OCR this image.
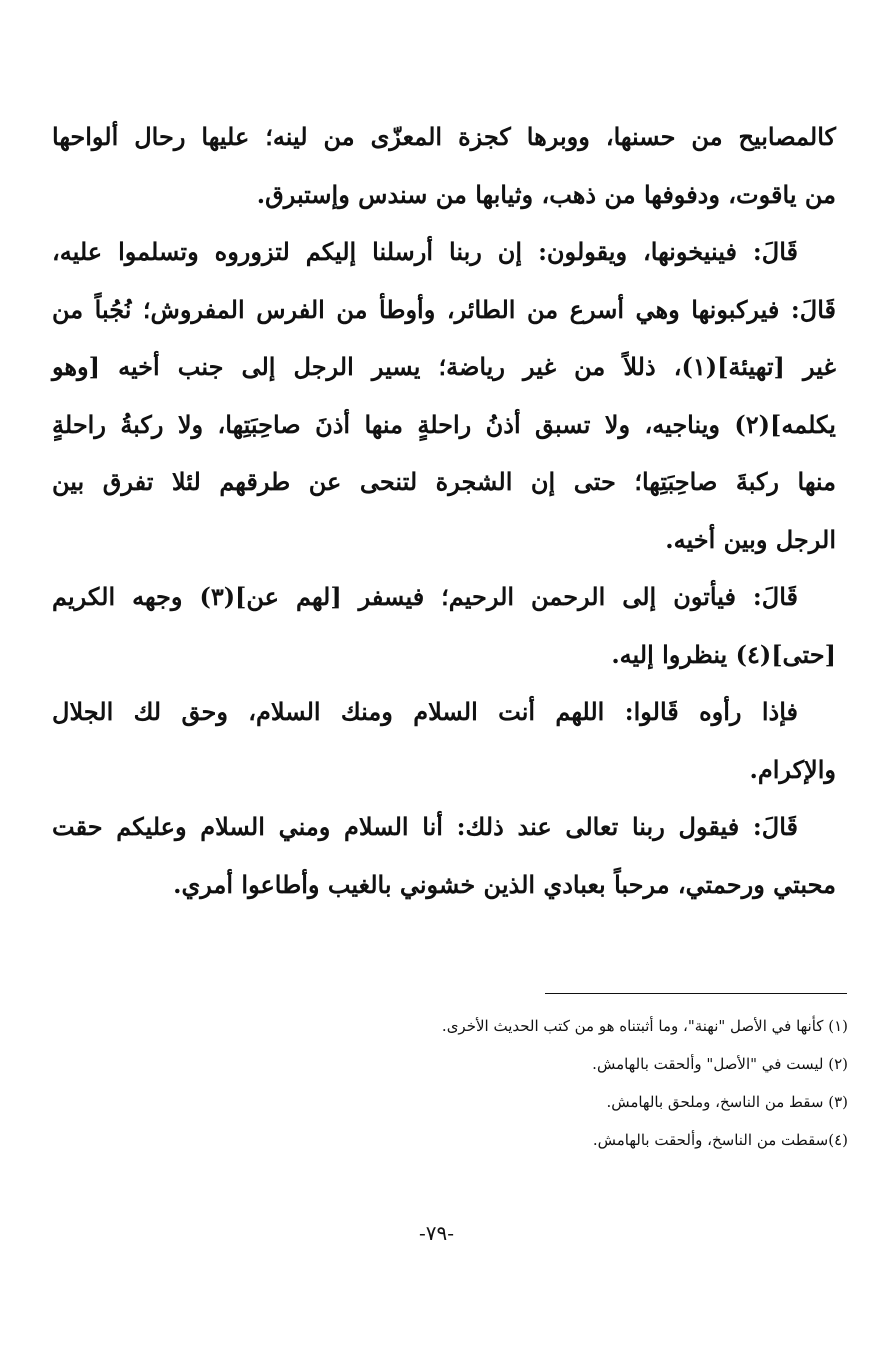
كالمصابيح من حسنها، ووبرها كجزة المعزّى من لينه؛ عليها رحال ألواحها
من ياقوت، ودفوفها من ذهب، وثيابها من سندس وإستبرق.
قَالَ: فينيخونها، ويقولون: إن ربنا أرسلنا إليكم لتزوروه وتسلموا عليه،
قَالَ: فيركبونها وهي أسرع من الطائر، وأوطأ من الفرس المفروش؛ نُجُباً من
غير [تهيئة](١)، ذللاً من غير رياضة؛ يسير الرجل إلى جنب أخيه [وهو
يكلمه](٢) ويناجيه، ولا تسبق أذنُ راحلةٍ منها أذنَ صاحِبَتِها، ولا ركبةُ راحلةٍ
منها ركبةَ صاحِبَتِها؛ حتى إن الشجرة لتنحى عن طرقهم لئلا تفرق بين
الرجل وبين أخيه.
قَالَ: فيأتون إلى الرحمن الرحيم؛ فيسفر [لهم عن](٣) وجهه الكريم
[حتى](٤) ينظروا إليه.
فإذا رأوه قَالوا: اللهم أنت السلام ومنك السلام، وحق لك الجلال
والإكرام.
قَالَ: فيقول ربنا تعالى عند ذلك: أنا السلام ومني السلام وعليكم حقت
محبتي ورحمتي، مرحباً بعبادي الذين خشوني بالغيب وأطاعوا أمري.
(١) كأنها في الأصل "نهنة"، وما أثبتناه هو من كتب الحديث الأخرى.
(٢) ليست في "الأصل" وألحقت بالهامش.
(٣) سقط من الناسخ، وملحق بالهامش.
(٤)سقطت من الناسخ، وألحقت بالهامش.
-٧٩-
